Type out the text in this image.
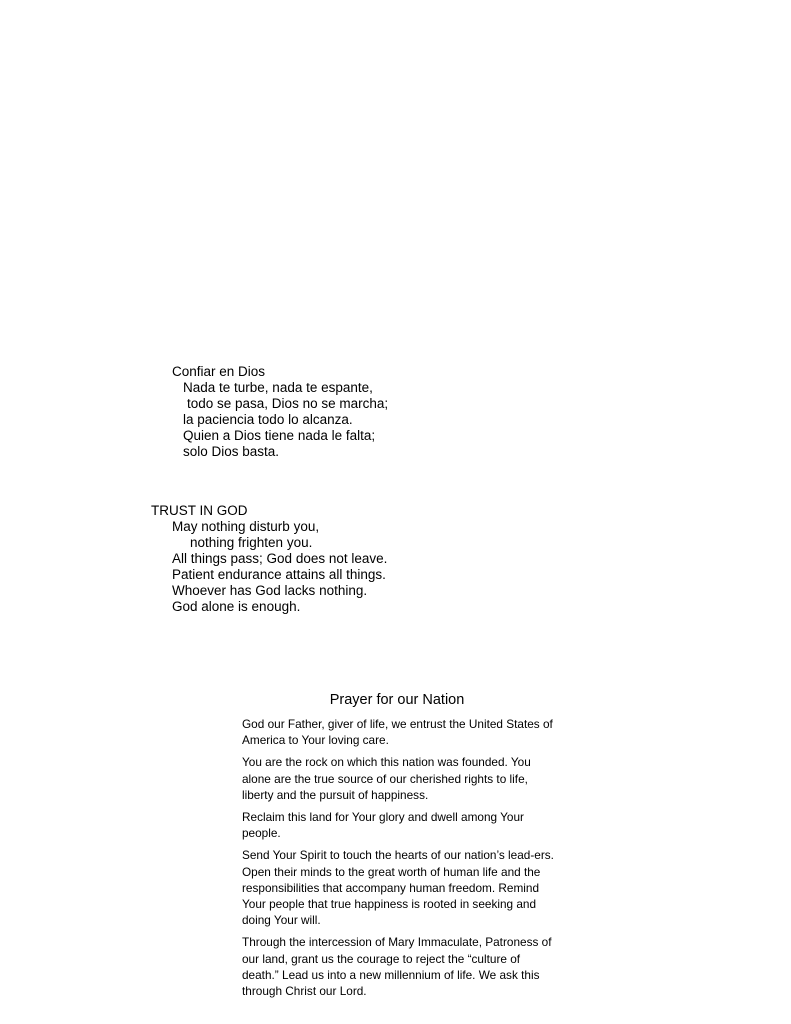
Confiar en Dios
Nada te turbe, nada te espante,
todo se pasa, Dios no se marcha;
la paciencia todo lo alcanza.
Quien a Dios tiene nada le falta;
solo Dios basta.
TRUST IN GOD
May nothing disturb you,
nothing frighten you.
All things pass; God does not leave.
Patient endurance attains all things.
Whoever has God lacks nothing.
God alone is enough.
Prayer for our Nation

God our Father, giver of life, we entrust the United States of America to Your loving care.

You are the rock on which this nation was founded. You alone are the true source of our cherished rights to life, liberty and the pursuit of happiness.

Reclaim this land for Your glory and dwell among Your people.

Send Your Spirit to touch the hearts of our nation’s lead-ers.

Open their minds to the great worth of human life and the responsibilities that accompany human freedom. Remind Your people that true happiness is rooted in seeking and doing Your will.

Through the intercession of Mary Immaculate, Patroness of our land, grant us the courage to reject the “culture of death.” Lead us into a new millennium of life. We ask this through Christ our Lord.
